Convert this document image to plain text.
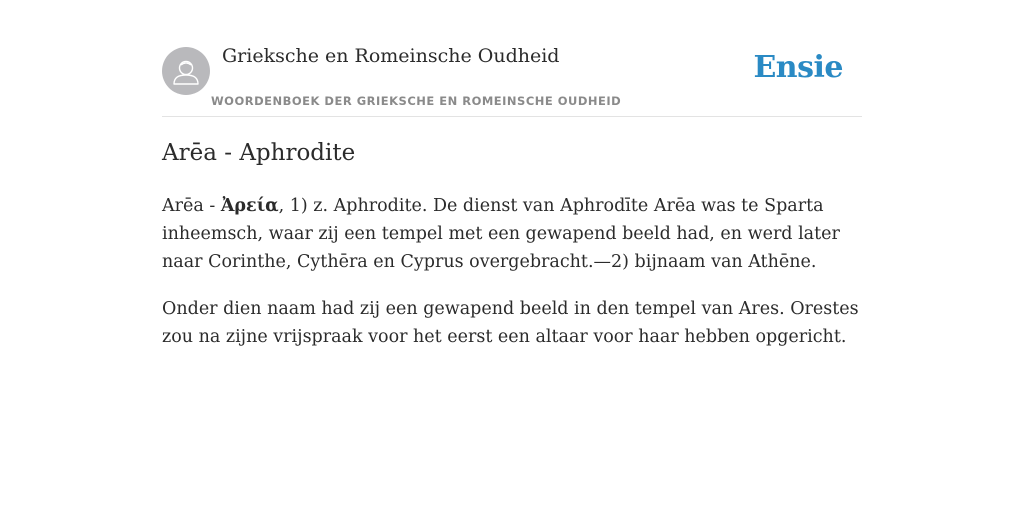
Grieksche en Romeinsche Oudheid
WOORDENBOEK DER GRIEKSCHE EN ROMEINSCHE OUDHEID
Ensie
Arēa - Aphrodite

Arēa - Ἀρεία, 1) z. Aphrodite. De dienst van Aphrodīte Arēa was te Sparta inheemsch, waar zij een tempel met een gewapend beeld had, en werd later naar Corinthe, Cythēra en Cyprus overgebracht.—2) bijnaam van Athēne.

Onder dien naam had zij een gewapend beeld in den tempel van Ares. Orestes zou na zijne vrijspraak voor het eerst een altaar voor haar hebben opgericht.
